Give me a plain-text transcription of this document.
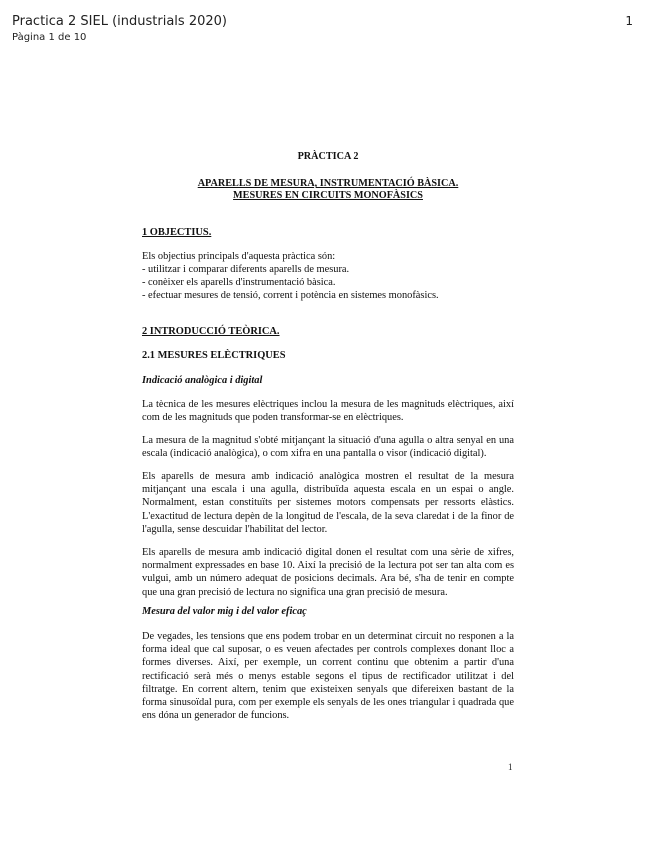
Practica 2 SIEL (industrials 2020)	1
Pàgina 1 de 10
PRÀCTICA 2
APARELLS DE MESURA, INSTRUMENTACIÓ BÀSICA.
MESURES EN CIRCUITS MONOFÀSICS
1 OBJECTIUS.
Els objectius principals d'aquesta pràctica són:
- utilitzar i comparar diferents aparells de mesura.
- conèixer els aparells d'instrumentació bàsica.
- efectuar mesures de tensió, corrent i potència en sistemes monofàsics.
2 INTRODUCCIÓ TEÒRICA.
2.1 MESURES ELÈCTRIQUES
Indicació analògica i digital
La tècnica de les mesures elèctriques inclou la mesura de les magnituds elèctriques, així com de les magnituds que poden transformar-se en elèctriques.
La mesura de la magnitud s'obté mitjançant la situació d'una agulla o altra senyal en una escala (indicació analògica), o com xifra en una pantalla o visor (indicació digital).
Els aparells de mesura amb indicació analògica mostren el resultat de la mesura mitjançant una escala i una agulla, distribuïda aquesta escala en un espai o angle. Normalment, estan constituïts per sistemes motors compensats per ressorts elàstics. L'exactitud de lectura depèn de la longitud de l'escala, de la seva claredat i de la finor de l'agulla, sense descuidar l'habilitat del lector.
Els aparells de mesura amb indicació digital donen el resultat com una sèrie de xifres, normalment expressades en base 10. Així la precisió de la lectura pot ser tan alta com es vulgui, amb un número adequat de posicions decimals. Ara bé, s'ha de tenir en compte que una gran precisió de lectura no significa una gran precisió de mesura.
Mesura del valor mig i del valor eficaç
De vegades, les tensions que ens podem trobar en un determinat circuit no responen a la forma ideal que cal suposar, o es veuen afectades per controls complexes donant lloc a formes diverses. Així, per exemple, un corrent continu que obtenim a partir d'una rectificació serà més o menys estable segons el tipus de rectificador utilitzat i del filtratge. En corrent altern, tenim que existeixen senyals que difereixen bastant de la forma sinusoïdal pura, com per exemple els senyals de les ones triangular i quadrada que ens dóna un generador de funcions.
1
